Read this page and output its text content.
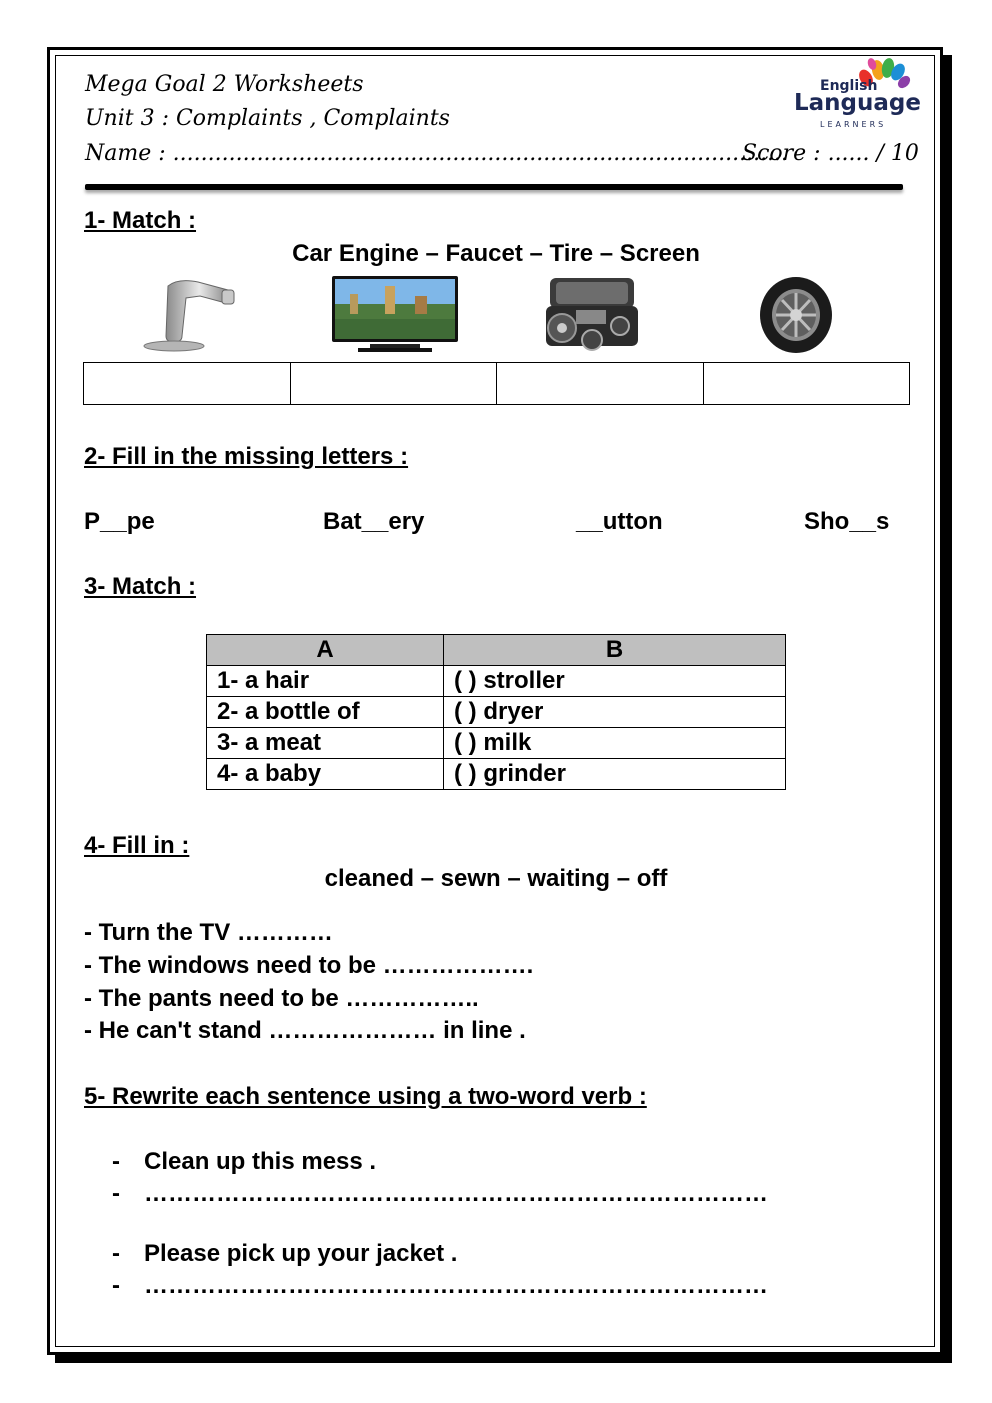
Mega Goal 2 Worksheets
Unit 3 : Complaints , Complaints
Name : ........................................................................................
Score : ...... / 10
English
Language
LEARNERS
1- Match :
Car Engine – Faucet – Tire – Screen

2- Fill in the missing letters :
P__pe	Bat__ery	__utton	Sho__s
3- Match :
A	B
1- a hair	( ) stroller
2- a bottle of	( ) dryer
3- a meat	( ) milk
4- a baby	( ) grinder
4- Fill in :
cleaned – sewn – waiting – off
- Turn the TV …………
- The windows need to be ……………….
- The pants need to be ……………..
- He can't stand ………………… in line .
5- Rewrite each sentence using a two-word verb :
- Clean up this mess .
- ……………………………………………………………………
- Please pick up your jacket .
- ……………………………………………………………………
